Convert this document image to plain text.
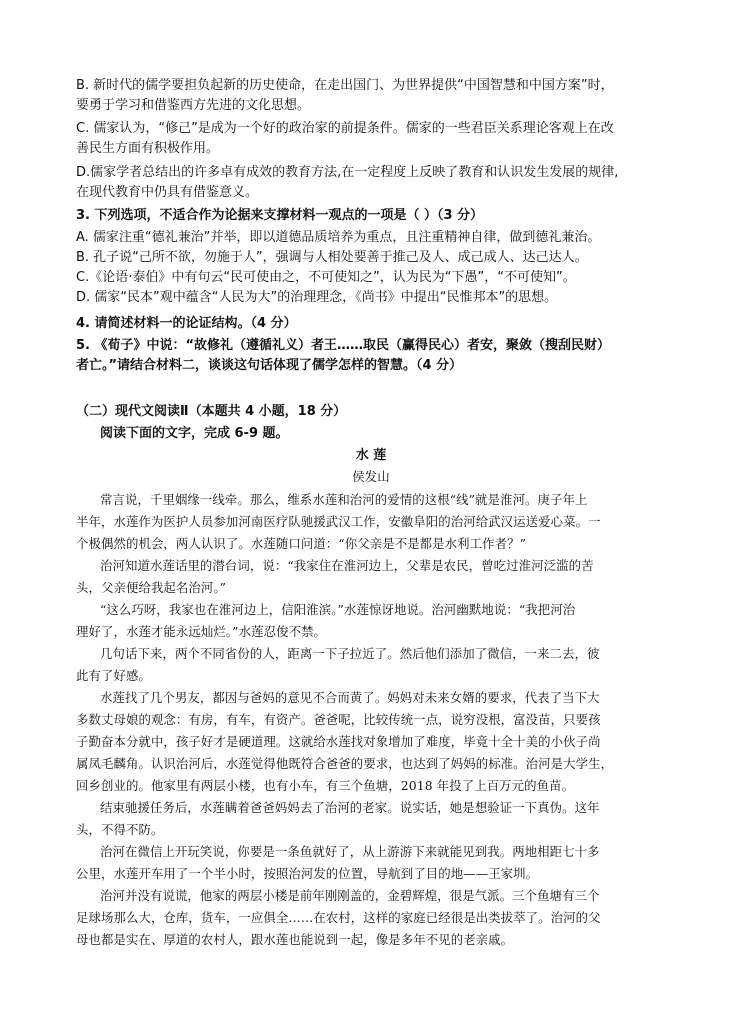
B. 新时代的儒学要担负起新的历史使命，在走出国门、为世界提供“中国智慧和中国方案”时，
要勇于学习和借鉴西方先进的文化思想。
C. 儒家认为，“修己”是成为一个好的政治家的前提条件。儒家的一些君臣关系理论客观上在改
善民生方面有积极作用。
D.儒家学者总结出的许多卓有成效的教育方法,在一定程度上反映了教育和认识发生发展的规律,
在现代教育中仍具有借鉴意义。
3. 下列选项，不适合作为论据来支撑材料一观点的一项是（ ）（3 分）
A. 儒家注重“德礼兼治”并举，即以道德品质培养为重点，且注重精神自律，做到德礼兼治。
B. 孔子说“己所不欲，勿施于人”，强调与人相处要善于推己及人、成己成人、达己达人。
C.《论语·泰伯》中有句云“民可使由之，不可使知之”，认为民为“下愚”，“不可使知”。
D. 儒家“民本”观中蕴含“人民为大”的治理理念，《尚书》中提出“民惟邦本”的思想。
4. 请简述材料一的论证结构。（4 分）
5. 《荀子》中说：“故修礼（遵循礼义）者王……取民（赢得民心）者安，聚敛（搜刮民财）
者亡。”请结合材料二，谈谈这句话体现了儒学怎样的智慧。（4 分）
（二）现代文阅读Ⅱ（本题共 4 小题，18 分）
阅读下面的文字，完成 6-9 题。
水 莲
侯发山

常言说，千里姻缘一线牵。那么，维系水莲和治河的爱情的这根“线”就是淮河。庚子年上
半年，水莲作为医护人员参加河南医疗队驰援武汉工作，安徽阜阳的治河给武汉运送爱心菜。一
个极偶然的机会，两人认识了。水莲随口问道：“你父亲是不是都是水利工作者？”

治河知道水莲话里的潜台词，说：“我家住在淮河边上，父辈是农民，曾吃过淮河泛滥的苦
头，父亲便给我起名治河。”

“这么巧呀，我家也在淮河边上，信阳淮滨。”水莲惊讶地说。治河幽默地说：“我把河治
理好了，水莲才能永远灿烂。”水莲忍俊不禁。

几句话下来，两个不同省份的人，距离一下子拉近了。然后他们添加了微信，一来二去，彼
此有了好感。

水莲找了几个男友，都因与爸妈的意见不合而黄了。妈妈对未来女婿的要求，代表了当下大
多数丈母娘的观念：有房，有车，有资产。爸爸呢，比较传统一点，说穷没根，富没苗，只要孩
子勤奋本分就中，孩子好才是硬道理。这就给水莲找对象增加了难度，毕竟十全十美的小伙子尚
属凤毛麟角。认识治河后，水莲觉得他既符合爸爸的要求，也达到了妈妈的标准。治河是大学生，
回乡创业的。他家里有两层小楼，也有小车，有三个鱼塘，2018 年投了上百万元的鱼苗。

结束驰援任务后，水莲瞒着爸爸妈妈去了治河的老家。说实话，她是想验证一下真伪。这年
头，不得不防。

治河在微信上开玩笑说，你要是一条鱼就好了，从上游游下来就能见到我。两地相距七十多
公里，水莲开车用了一个半小时，按照治河发的位置，导航到了目的地——王家圳。

治河并没有说谎，他家的两层小楼是前年刚刚盖的，金碧辉煌，很是气派。三个鱼塘有三个
足球场那么大，仓库，货车，一应俱全……在农村，这样的家庭已经很是出类拔萃了。治河的父
母也都是实在、厚道的农村人，跟水莲也能说到一起，像是多年不见的老亲戚。
